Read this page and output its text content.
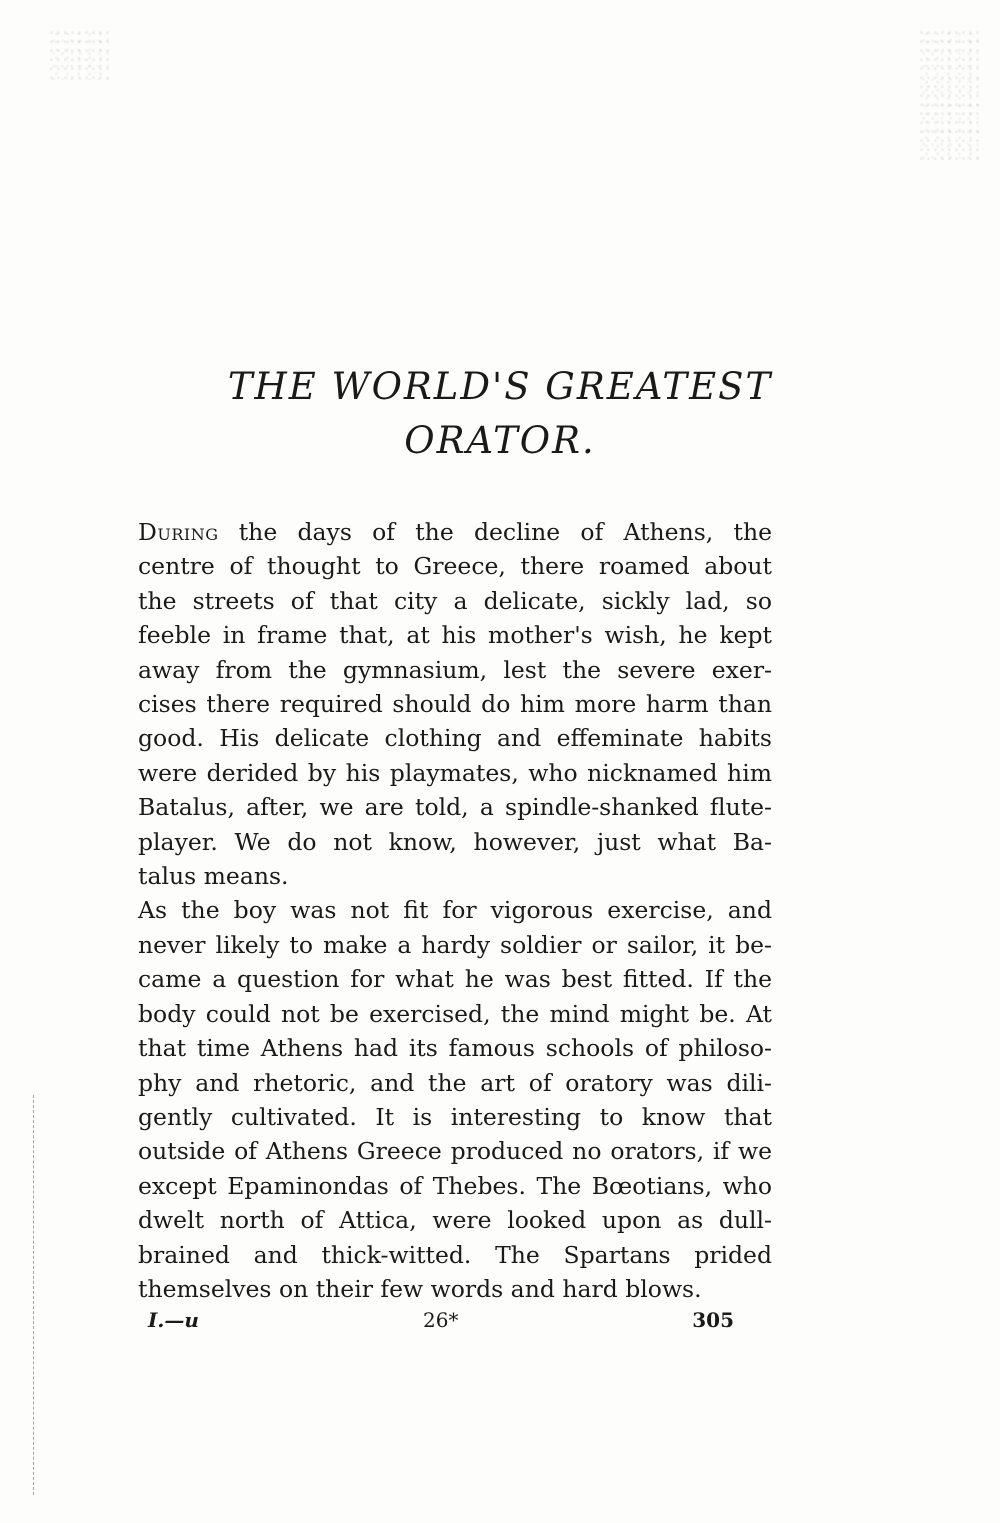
THE WORLD'S GREATEST
ORATOR.
During the days of the decline of Athens, the
centre of thought to Greece, there roamed about
the streets of that city a delicate, sickly lad, so
feeble in frame that, at his mother's wish, he kept
away from the gymnasium, lest the severe exer-
cises there required should do him more harm than
good. His delicate clothing and effeminate habits
were derided by his playmates, who nicknamed him
Batalus, after, we are told, a spindle-shanked flute-
player. We do not know, however, just what Ba-
talus means.
As the boy was not fit for vigorous exercise, and
never likely to make a hardy soldier or sailor, it be-
came a question for what he was best fitted. If the
body could not be exercised, the mind might be. At
that time Athens had its famous schools of philoso-
phy and rhetoric, and the art of oratory was dili-
gently cultivated. It is interesting to know that
outside of Athens Greece produced no orators, if we
except Epaminondas of Thebes. The Bœotians, who
dwelt north of Attica, were looked upon as dull-
brained and thick-witted. The Spartans prided
themselves on their few words and hard blows.
I.—u	26*	305
